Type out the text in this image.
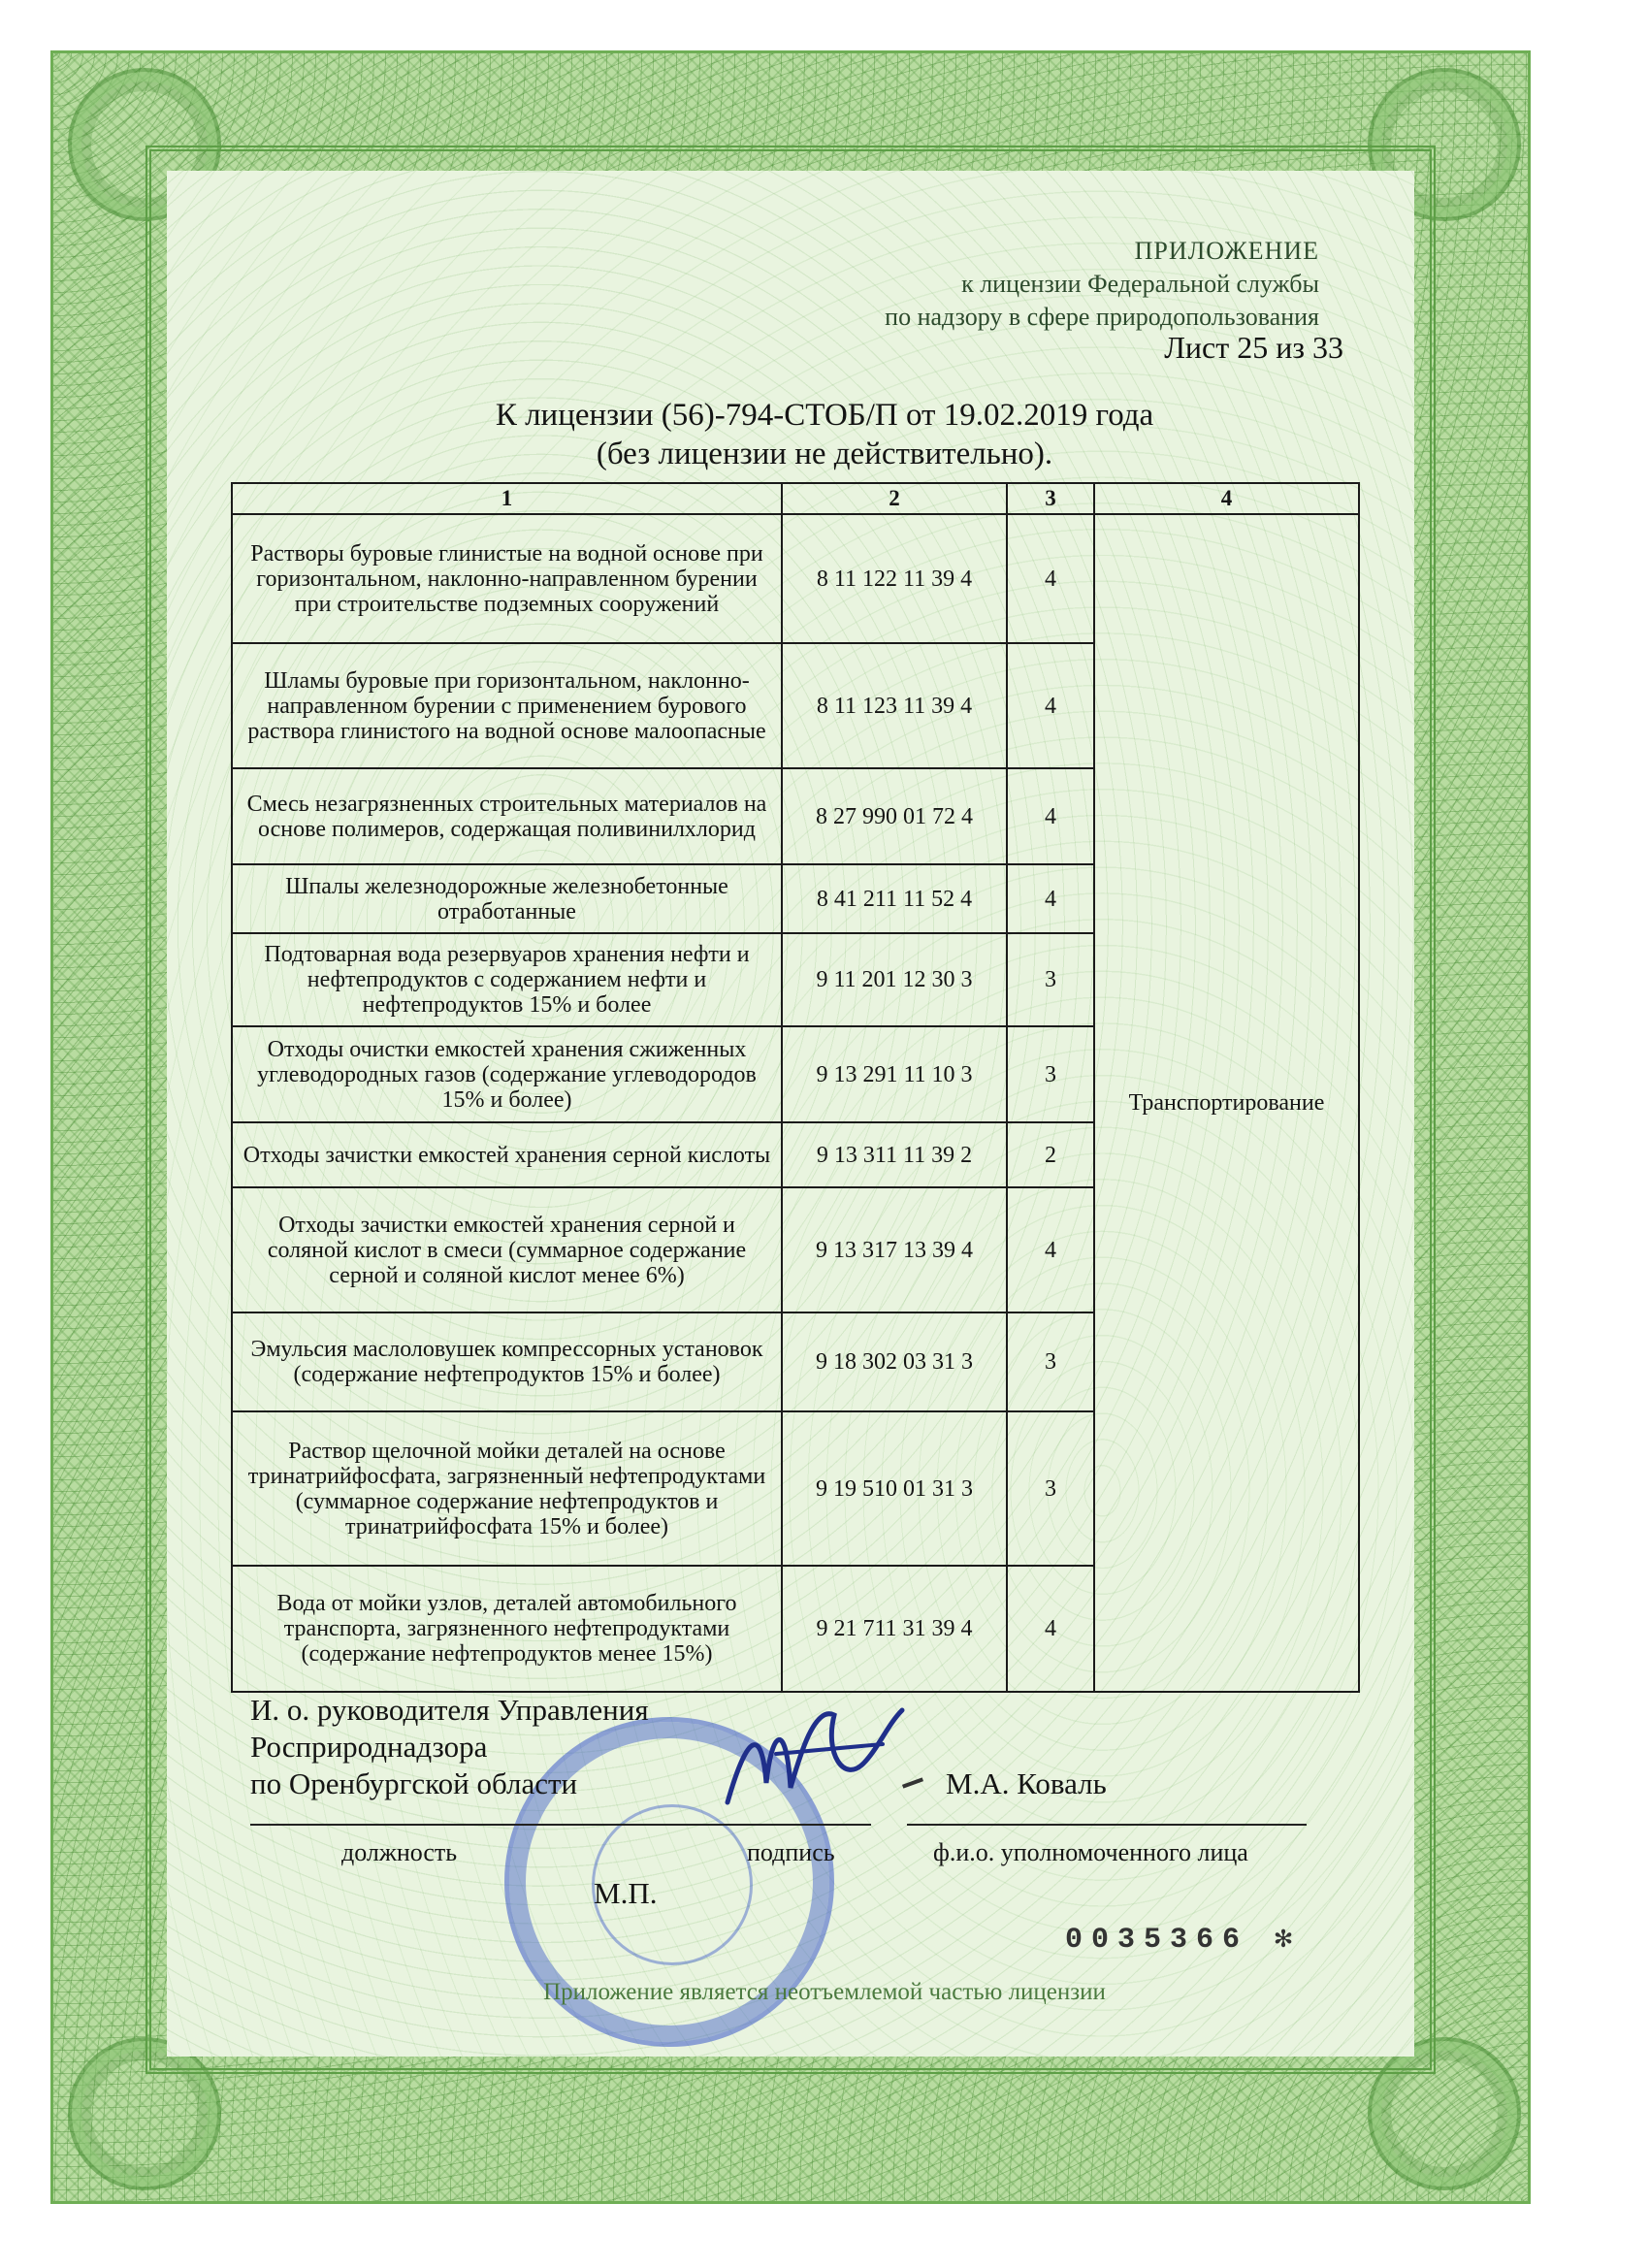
ПРИЛОЖЕНИЕ
к лицензии Федеральной службы
по надзору в сфере природопользования
Лист 25 из 33
К лицензии (56)-794-СТОБ/П от 19.02.2019 года
(без лицензии не действительно).
1	2	3	4
Растворы буровые глинистые на водной основе при горизонтальном, наклонно-направленном бурении при строительстве подземных сооружений	8 11 122 11 39 4	4	Транспортирование
Шламы буровые при горизонтальном, наклонно-направленном бурении с применением бурового раствора глинистого на водной основе малоопасные	8 11 123 11 39 4	4	
Смесь незагрязненных строительных материалов на основе полимеров, содержащая поливинилхлорид	8 27 990 01 72 4	4	
Шпалы железнодорожные железнобетонные отработанные	8 41 211 11 52 4	4	
Подтоварная вода резервуаров хранения нефти и нефтепродуктов с содержанием нефти и нефтепродуктов 15% и более	9 11 201 12 30 3	3	
Отходы очистки емкостей хранения сжиженных углеводородных газов (содержание углеводородов 15% и более)	9 13 291 11 10 3	3	
Отходы зачистки емкостей хранения серной кислоты	9 13 311 11 39 2	2	
Отходы зачистки емкостей хранения серной и соляной кислот в смеси (суммарное содержание серной и соляной кислот менее 6%)	9 13 317 13 39 4	4	
Эмульсия маслоловушек компрессорных установок (содержание нефтепродуктов 15% и более)	9 18 302 03 31 3	3	
Раствор щелочной мойки деталей на основе тринатрийфосфата, загрязненный нефтепродуктами (суммарное содержание нефтепродуктов и тринатрийфосфата 15% и более)	9 19 510 01 31 3	3	
Вода от мойки узлов, деталей автомобильного транспорта, загрязненного нефтепродуктами (содержание нефтепродуктов менее 15%)	9 21 711 31 39 4	4	
И. о. руководителя Управления
Росприроднадзора
по Оренбургской области	М.А. Коваль
должность	подпись	ф.и.о. уполномоченного лица
М.П.
0035366 ✻
Приложение является неотъемлемой частью лицензии
